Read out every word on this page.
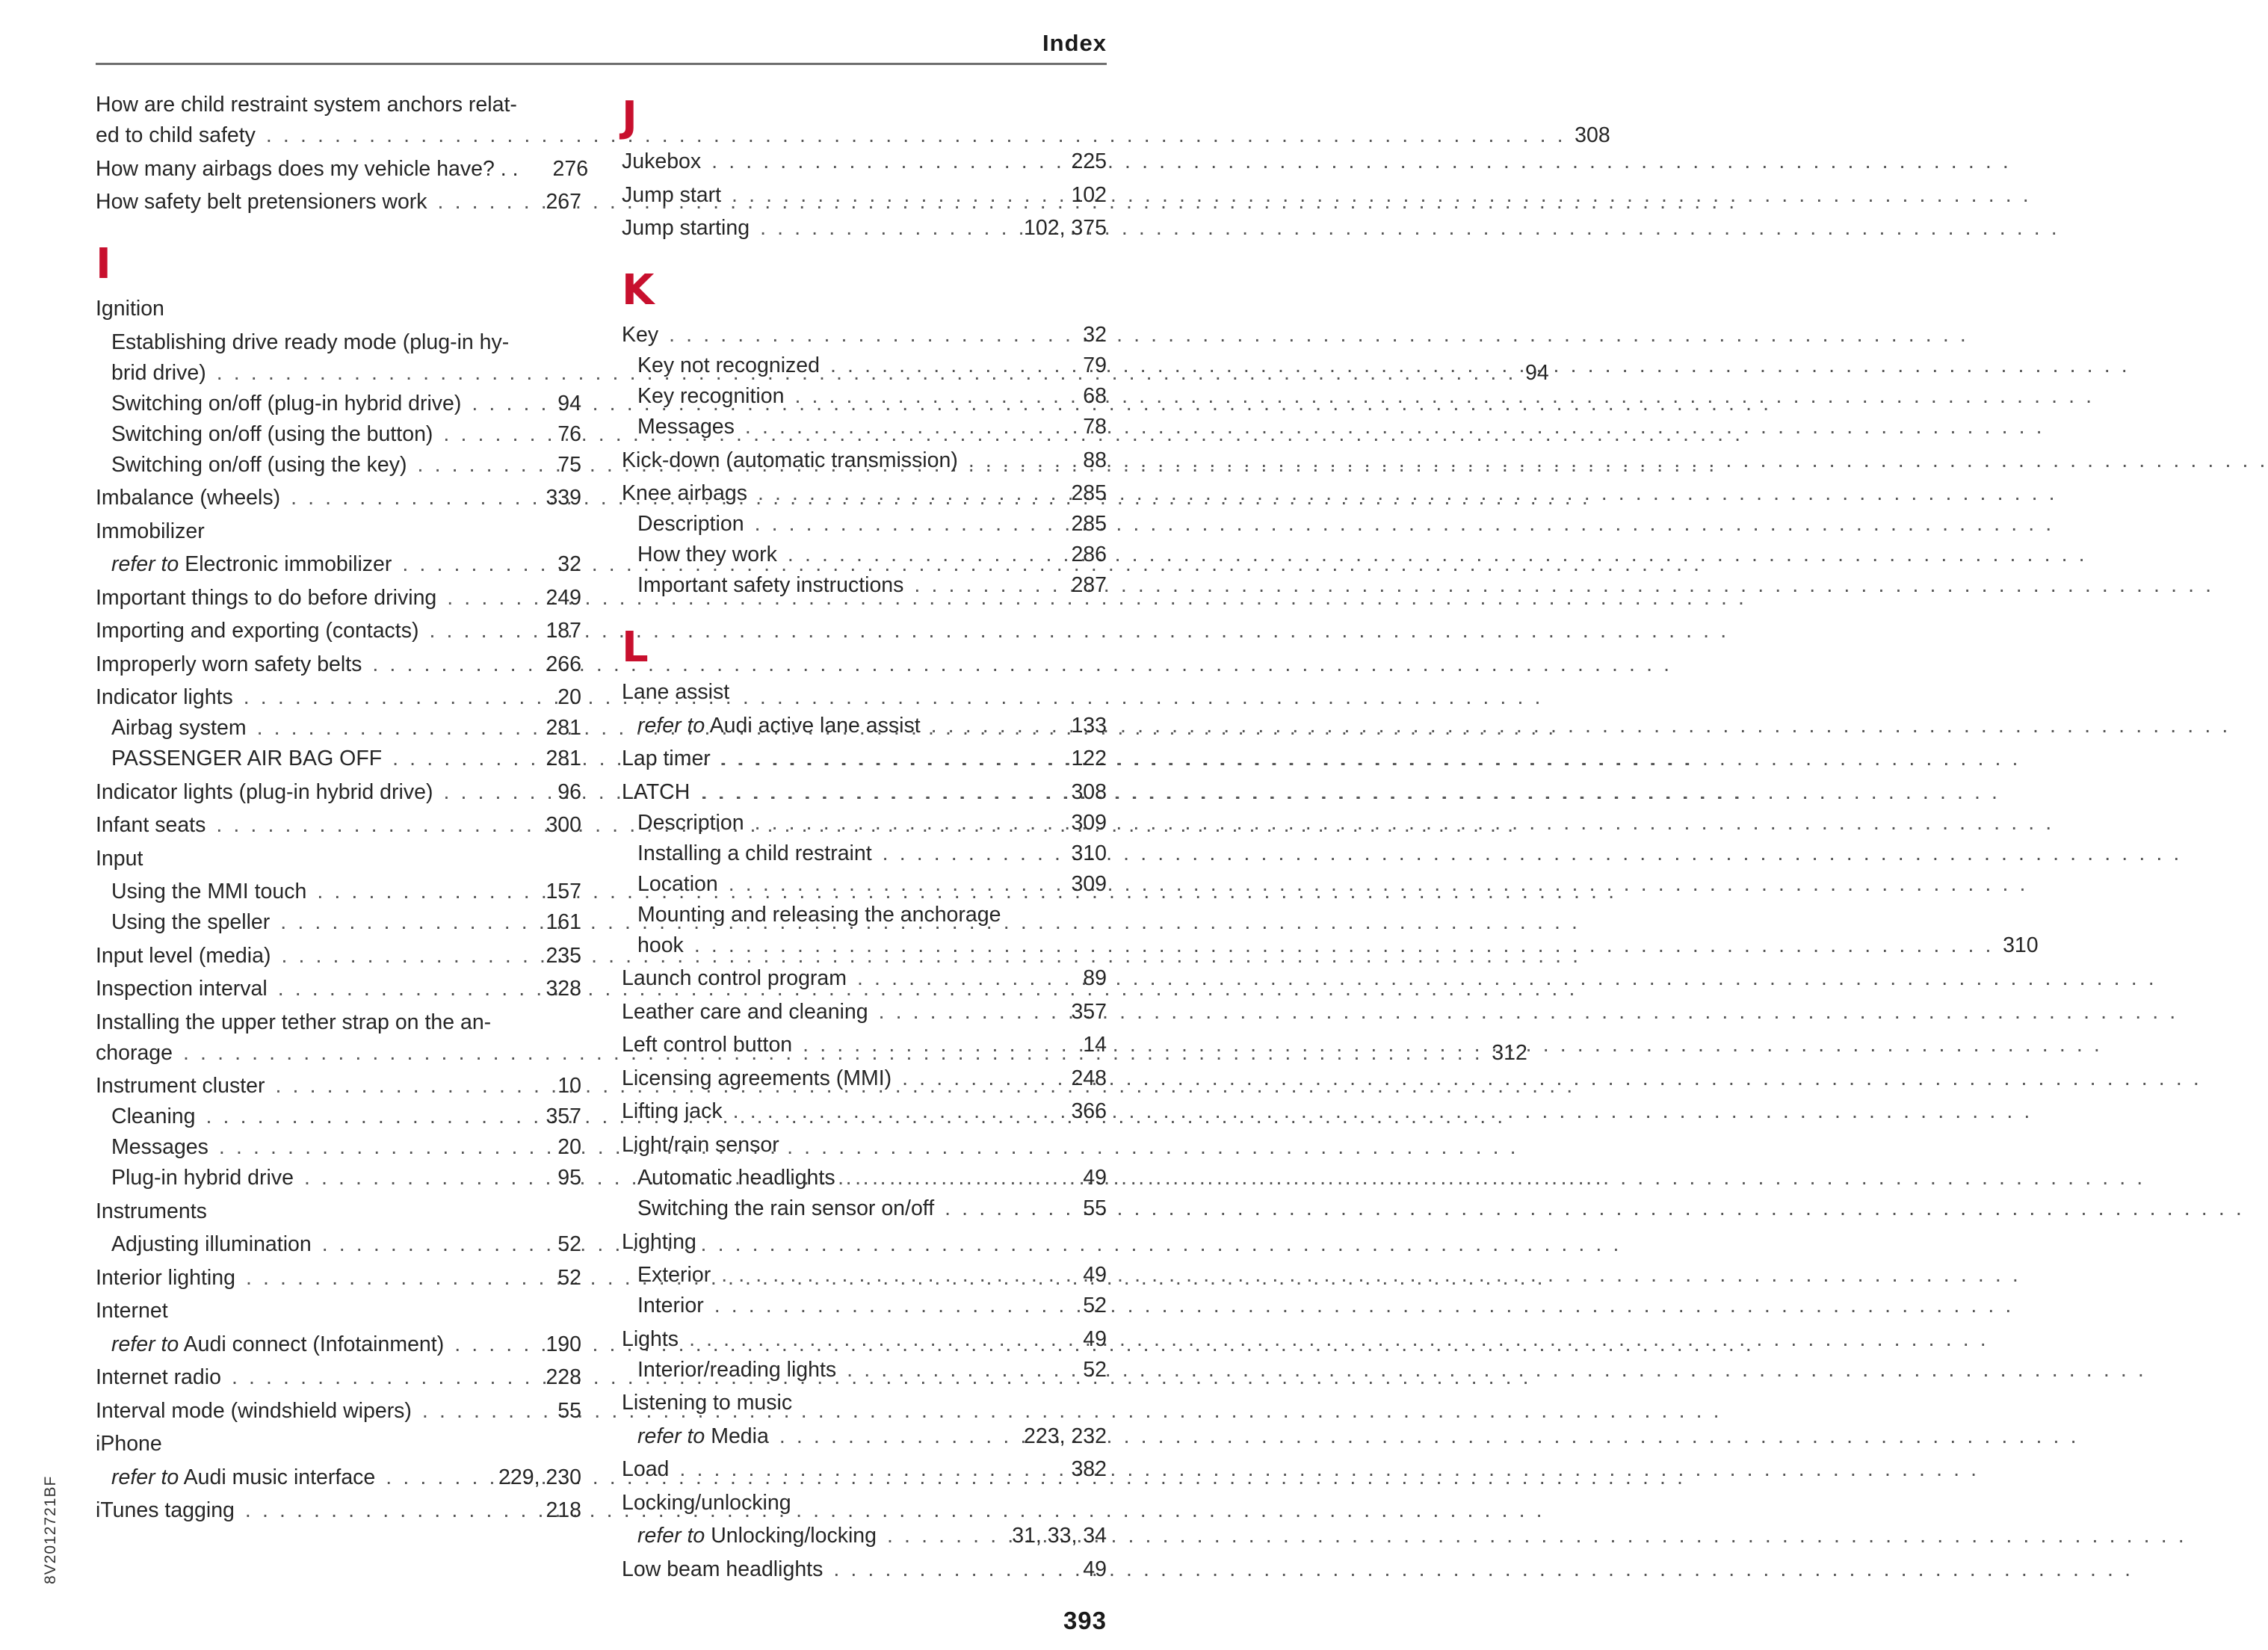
Index
How are child restraint system anchors relat-
ed to child safety . . .	308
How many airbags does my vehicle have? . . 276
How safety belt pretensioners work . . .	267
I
Ignition
Establishing drive ready mode (plug-in hy-
brid drive) . . .	94
Switching on/off (plug-in hybrid drive) . . .	94
Switching on/off (using the button) . . .	76
Switching on/off (using the key) . . .	75
Imbalance (wheels) . . .	339
Immobilizer
refer to Electronic immobilizer . . .	32
Important things to do before driving . . .	249
Importing and exporting (contacts) . . .	187
Improperly worn safety belts . . .	266
Indicator lights . . .	20
Airbag system . . .	281
PASSENGER AIR BAG OFF . . .	281
Indicator lights (plug-in hybrid drive) . . .	96
Infant seats . . .	300
Input
Using the MMI touch . . .	157
Using the speller . . .	161
Input level (media) . . .	235
Inspection interval . . .	328
Installing the upper tether strap on the an-
chorage . . .	312
Instrument cluster . . .	10
Cleaning . . .	357
Messages . . .	20
Plug-in hybrid drive . . .	95
Instruments
Adjusting illumination . . .	52
Interior lighting . . .	52
Internet
refer to Audi connect (Infotainment) . . .	190
Internet radio . . .	228
Interval mode (windshield wipers) . . .	55
iPhone
refer to Audi music interface . . .	229, 230
iTunes tagging . . .	218
J
Jukebox . . .	225
Jump start . . .	102
Jump starting . . .	102, 375
K
Key . . .	32
Key not recognized . . .	79
Key recognition . . .	68
Messages . . .	78
Kick-down (automatic transmission) . . .	88
Knee airbags . . .	285
Description . . .	285
How they work . . .	286
Important safety instructions . . .	287
L
Lane assist
refer to Audi active lane assist . . .	133
Lap timer . . .	122
LATCH . . .	308
Description . . .	309
Installing a child restraint . . .	310
Location . . .	309
Mounting and releasing the anchorage
hook . . .	310
Launch control program . . .	89
Leather care and cleaning . . .	357
Left control button . . .	14
Licensing agreements (MMI) . . .	248
Lifting jack . . .	366
Light/rain sensor
Automatic headlights . . .	49
Switching the rain sensor on/off . . .	55
Lighting
Exterior . . .	49
Interior . . .	52
Lights . . .	49
Interior/reading lights . . .	52
Listening to music
refer to Media . . .	223, 232
Load . . .	382
Locking/unlocking
refer to Unlocking/locking . . .	31, 33, 34
Low beam headlights . . .	49
8V2012721BF
393
